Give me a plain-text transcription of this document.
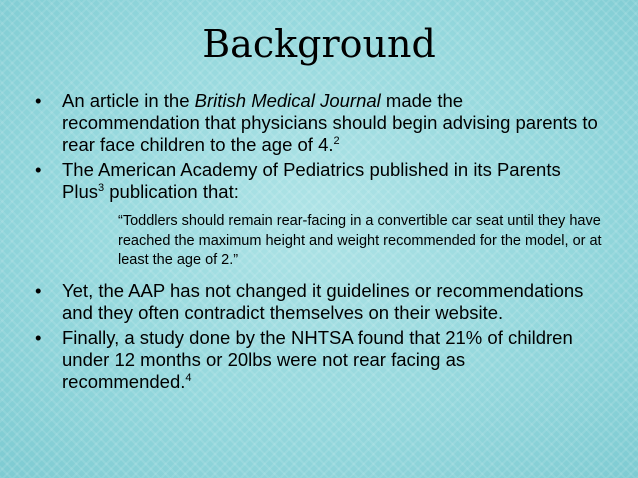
Background
• An article in the British Medical Journal made the recommendation that physicians should begin advising parents to rear face children to the age of 4.$^2$
• The American Academy of Pediatrics published in its Parents Plus$^3$ publication that:
“Toddlers should remain rear-facing in a convertible car seat until they have reached the maximum height and weight recommended for the model, or at least the age of 2.”
• Yet, the AAP has not changed it guidelines or recommendations and they often contradict themselves on their website.
• Finally, a study done by the NHTSA found that 21% of children under 12 months or 20lbs were not rear facing as recommended.$^4$
